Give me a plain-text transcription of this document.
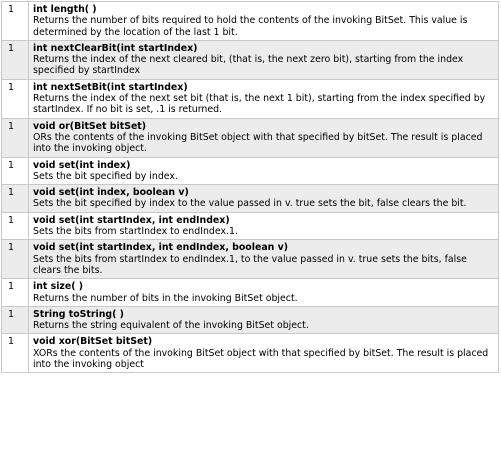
1	int length( )
Returns the number of bits required to hold the contents of the invoking BitSet. This value is determined by the location of the last 1 bit.

1	int nextClearBit(int startIndex)
Returns the index of the next cleared bit, (that is, the next zero bit), starting from the index specified by startIndex

1	int nextSetBit(int startIndex)
Returns the index of the next set bit (that is, the next 1 bit), starting from the index specified by startIndex. If no bit is set, .1 is returned.

1	void or(BitSet bitSet)
ORs the contents of the invoking BitSet object with that specified by bitSet. The result is placed into the invoking object.

1	void set(int index)
Sets the bit specified by index.

1	void set(int index, boolean v)
Sets the bit specified by index to the value passed in v. true sets the bit, false clears the bit.

1	void set(int startIndex, int endIndex)
Sets the bits from startIndex to endIndex.1.

1	void set(int startIndex, int endIndex, boolean v)
Sets the bits from startIndex to endIndex.1, to the value passed in v. true sets the bits, false clears the bits.

1	int size( )
Returns the number of bits in the invoking BitSet object.

1	String toString( )
Returns the string equivalent of the invoking BitSet object.

1	void xor(BitSet bitSet)
XORs the contents of the invoking BitSet object with that specified by bitSet. The result is placed into the invoking object
